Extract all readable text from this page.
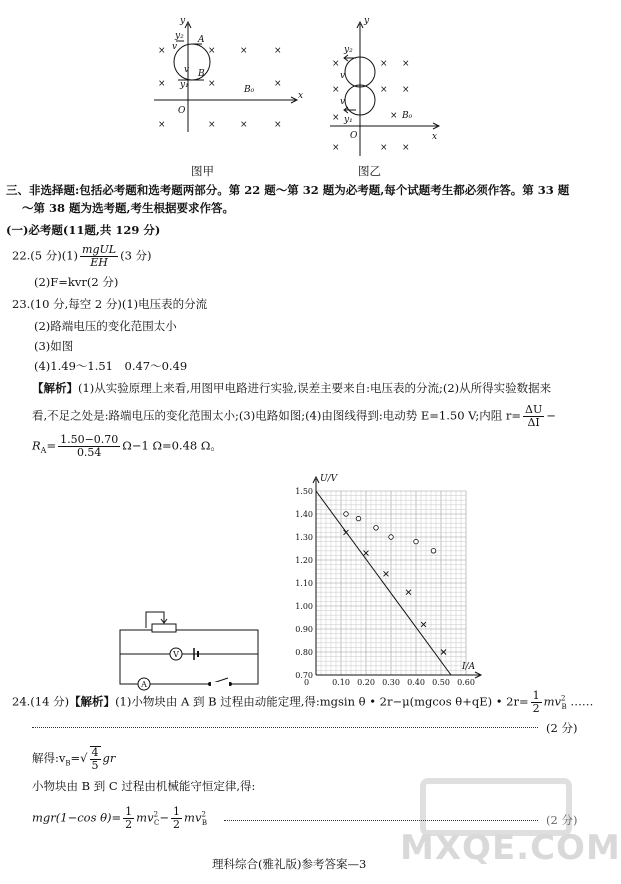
y
x
O
A
B
y₂
y₁
v
v
B₀
×
×
×
×	×	×
×	×
×	×	×
图甲
y
x
O
y₂
y₁
v
v
B₀
×
×
×
× ×
× ×
×
×	× ×
图乙
三、非选择题:包括必考题和选考题两部分。第 22 题～第 32 题为必考题,每个试题考生都必须作答。第 33 题
～第 38 题为选考题,考生根据要求作答。
(一)必考题(11题,共 129 分)
22.(5 分)$(1) \frac{\text{mgUL}}{EH} (3$ 分)
(2)F=kvr(2 分)
23.(10 分,每空 2 分)(1)电压表的分流
(2)路端电压的变化范围太小
(3)如图
(4)1.49～1.51　0.47～0.49
【解析】(1)从实验原理上来看,用图甲电路进行实验,误差主要来自:电压表的分流;(2)从所得实验数据来
看,不足之处是:路端电压的变化范围太小;(3)电路如图;(4)由图线得到:电动势 E=1.50 V;内阻 $r= \frac{\Delta U}{\Delta I}$ −
$R_A= \frac{1.50-0.70}{0.54} \Omega-1$ Ω=0.48 Ω。
V
A
U/V
I/A
0
0.70
0.80
0.90
1.00
1.10
1.20
1.30
1.40
1.50
0.10 0.20 0.30 0.40 0.50 0.60
24.(14 分)【解析】(1)小物块由 A 到 B 过程由动能定理,得:mgsin θ • 2r−μ(mgcos θ+qE) • $2r= \frac{1}{2} mv^2_B$ ……
(2 分)
解得$:v_B=√ \frac{4}{5}$ gr
小物块由 B 到 C 过程由机械能守恒定律,得:
mgr(1−cos $\theta)= \frac{1}{2} mv^2_C- \frac{1}{2} mv^2_B$	(2 分)
MXQE.COM
理科综合(雅礼版)参考答案—3
